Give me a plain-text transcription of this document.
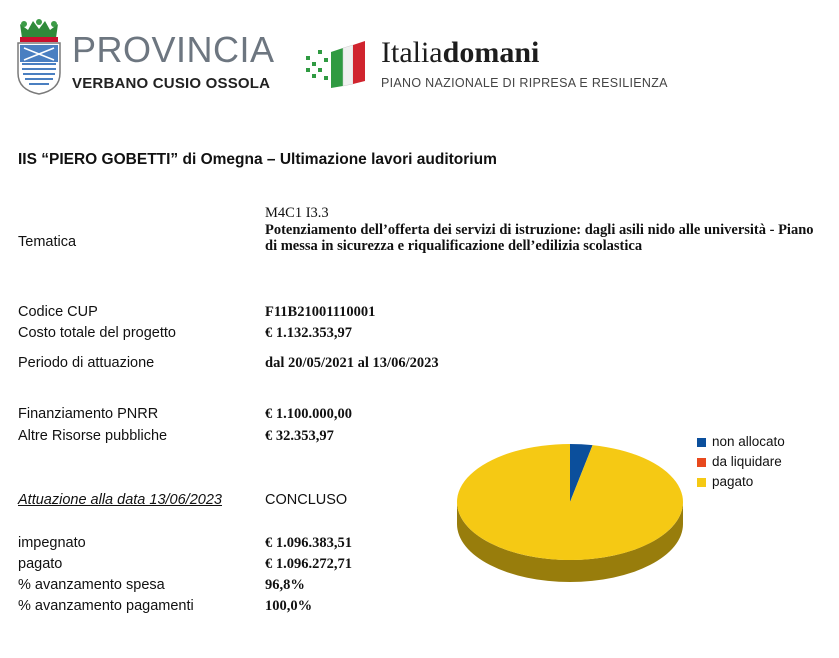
PROVINCIA
VERBANO CUSIO OSSOLA
Italiadomani
PIANO NAZIONALE DI RIPRESA E RESILIENZA
IIS “PIERO GOBETTI” di Omegna – Ultimazione lavori auditorium
Tematica
M4C1 I3.3
Potenziamento dell’offerta dei servizi di istruzione: dagli asili nido alle università - Piano di messa in sicurezza e riqualificazione dell’edilizia scolastica
Codice CUP	F11B21001110001
Costo totale del progetto	€ 1.132.353,97
Periodo di attuazione	dal 20/05/2021 al 13/06/2023
Finanziamento PNRR	€ 1.100.000,00
Altre Risorse pubbliche	€ 32.353,97
Attuazione alla data 13/06/2023	CONCLUSO
impegnato	€ 1.096.383,51
pagato	€ 1.096.272,71
% avanzamento spesa	96,8%
% avanzamento pagamenti	100,0%
non allocato
da liquidare
pagato
